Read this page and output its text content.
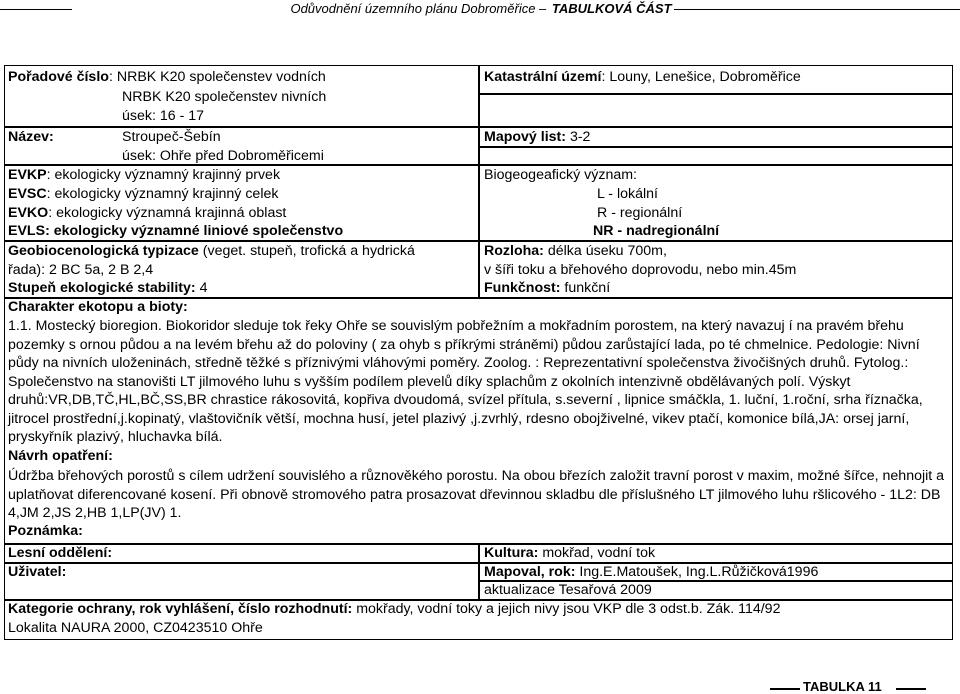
Odůvodnění územního plánu Dobroměřice – TABULKOVÁ ČÁST
Pořadové číslo: NRBK K20 společenstev vodních
NRBK K20 společenstev nivních
úsek: 16 - 17
Název:	Stroupeč-Šebín
úsek: Ohře před Dobroměřicemi
EVKP: ekologicky významný krajinný prvek
EVSC: ekologicky významný krajinný celek
EVKO: ekologicky významná krajinná oblast
EVLS: ekologicky významné liniové společenstvo
Geobiocenologická typizace (veget. stupeň, trofická a hydrická
řada): 2 BC 5a, 2 B 2,4
Stupeň ekologické stability: 4
Katastrální území: Louny, Lenešice, Dobroměřice
Mapový list: 3-2
Biogeogeafický význam:
L - lokální
R - regionální
NR - nadregionální
Rozloha: délka úseku 700m,
v šíři toku a břehového doprovodu, nebo min.45m
Funkčnost: funkční
Charakter ekotopu a bioty:
1.1. Mostecký bioregion. Biokoridor sleduje tok řeky Ohře se souvislým pobřežním a mokřadním porostem, na který navazuj í na pravém břehu pozemky s ornou půdou a na levém břehu až do poloviny ( za ohyb s příkrými stráněmi) půdou zarůstající lada, po té chmelnice. Pedologie: Nivní půdy na nivních uloženinách, středně těžké s příznivými vláhovými poměry. Zoolog. : Reprezentativní společenstva živočišných druhů. Fytolog.: Společenstvo na stanovišti LT jilmového luhu s vyšším podílem plevelů díky splachům z okolních intenzivně obdělávaných polí. Výskyt druhů:VR,DB,TČ,HL,BČ,SS,BR chrastice rákosovitá, kopřiva dvoudomá, svízel přítula, s.severní , lipnice smáčkla, 1. luční, 1.roční, srha říznačka, jitrocel prostřední,j.kopinatý, vlaštovičník větší, mochna husí, jetel plazivý ,j.zvrhlý, rdesno obojživelné, vikev ptačí, komonice bílá,JA: orsej jarní, pryskyřník plazivý, hluchavka bílá.
Návrh opatření:
Údržba břehových porostů s cílem udržení souvislého a různověkého porostu. Na obou březích založit travní porost v maxim, možné šířce, nehnojit a uplatňovat diferencované kosení. Při obnově stromového patra prosazovat dřevinnou skladbu dle příslušného LT jilmového luhu ršlicového - 1L2: DB 4,JM 2,JS 2,HB 1,LP(JV) 1.
Poznámka:
Lesní oddělení:
Uživatel:
Kultura: mokřad, vodní tok
Mapoval, rok: Ing.E.Matoušek, Ing.L.Růžičková1996
aktualizace Tesařová 2009
Kategorie ochrany, rok vyhlášení, číslo rozhodnutí: mokřady, vodní toky a jejich nivy jsou VKP dle 3 odst.b. Zák. 114/92
Lokalita NAURA 2000, CZ0423510 Ohře
TABULKA 11
